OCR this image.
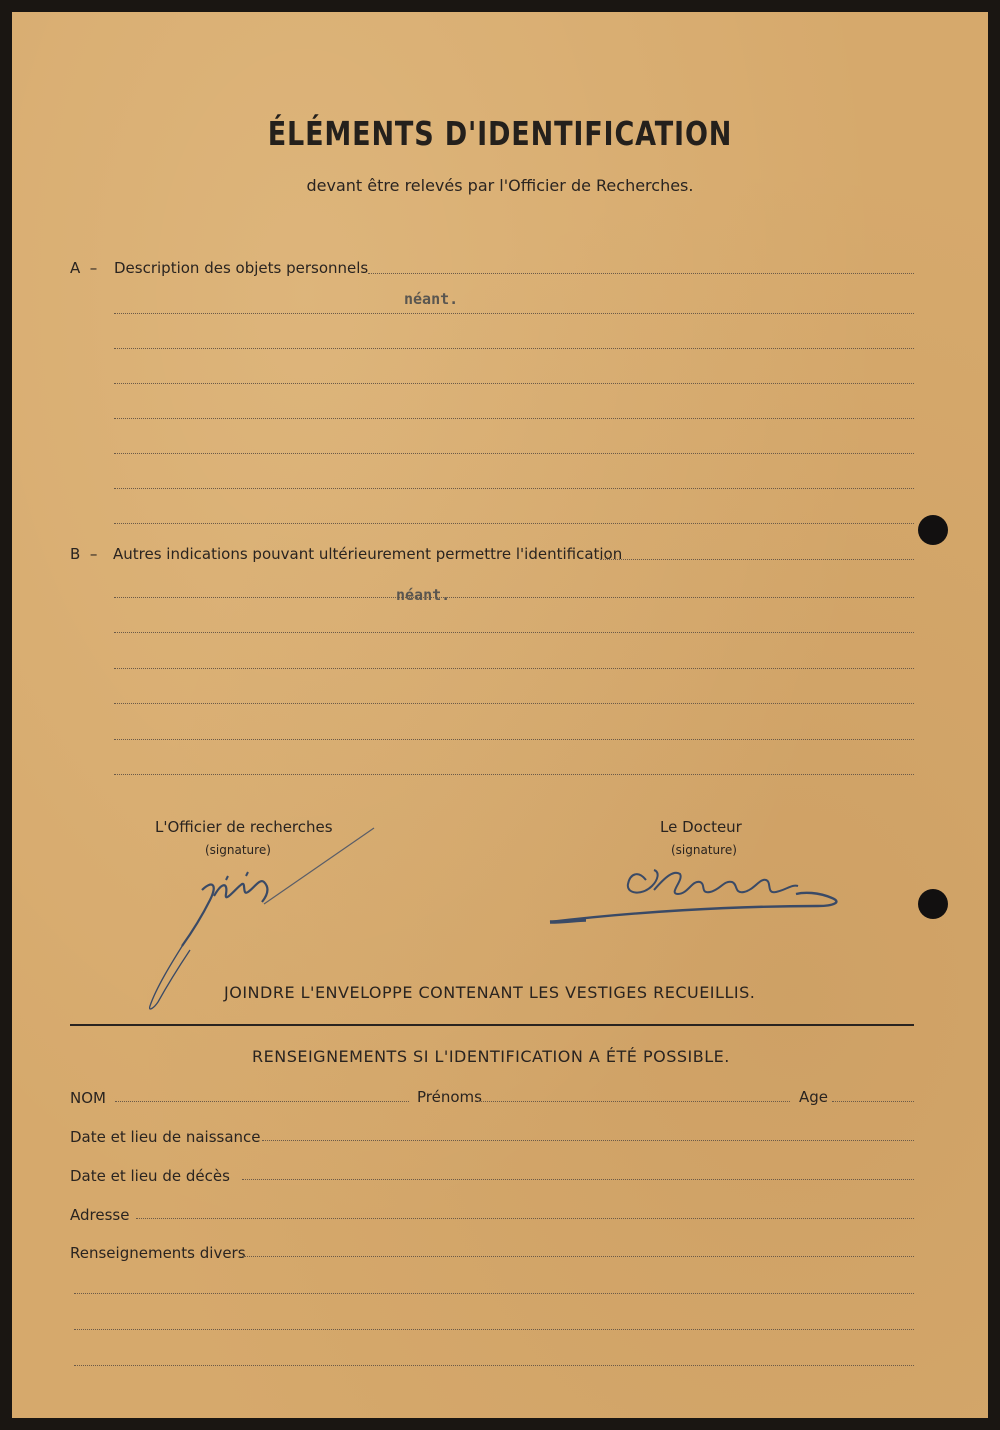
ÉLÉMENTS D'IDENTIFICATION
devant être relevés par l'Officier de Recherches.
A  – Description des objets personnels
néant.
B  – Autres indications pouvant ultérieurement permettre l'identification
néant.
L'Officier de recherches
(signature)
Le Docteur
(signature)
JOINDRE L'ENVELOPPE CONTENANT LES VESTIGES RECUEILLIS.
RENSEIGNEMENTS SI L'IDENTIFICATION A ÉTÉ POSSIBLE.
NOM	Prénoms	Age
Date et lieu de naissance
Date et lieu de décès
Adresse
Renseignements divers
